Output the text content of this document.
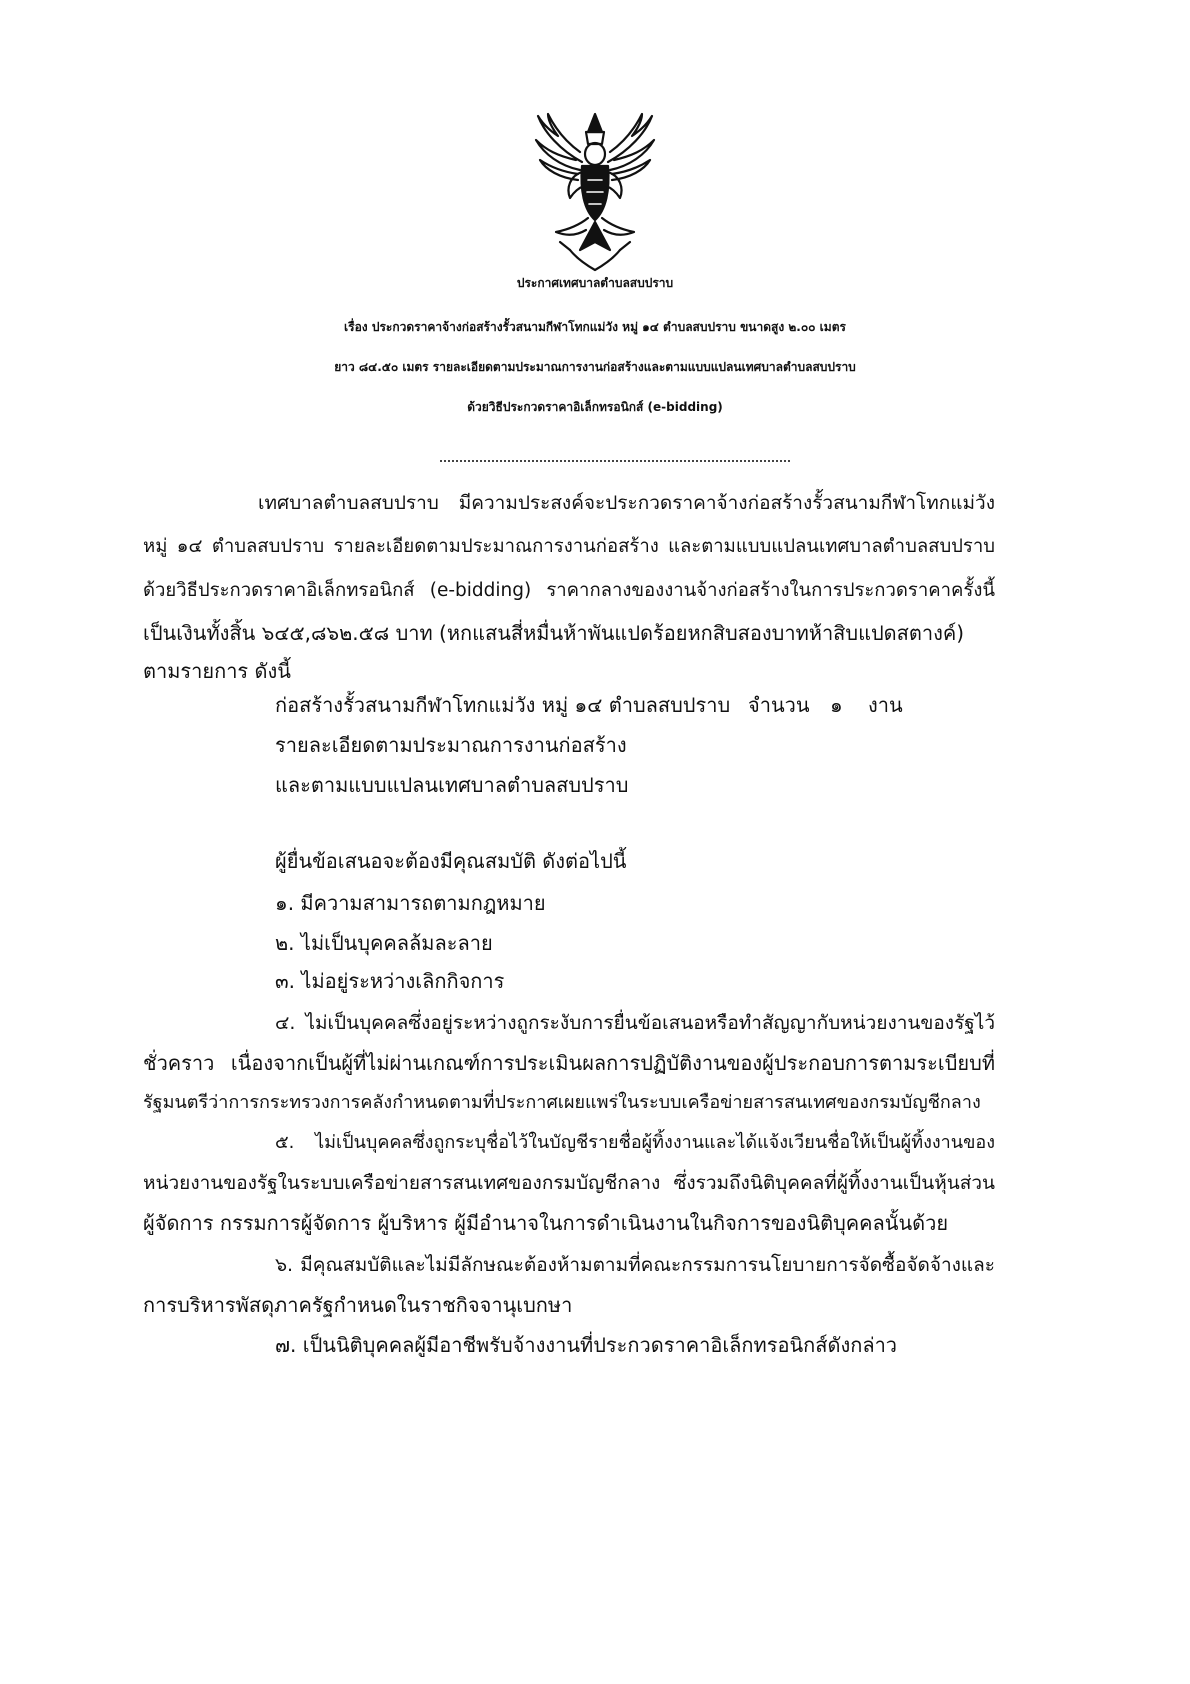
ประกาศเทศบาลตำบลสบปราบ
เรื่อง ประกวดราคาจ้างก่อสร้างรั้วสนามกีฬาโทกแม่วัง หมู่ ๑๔ ตำบลสบปราบ ขนาดสูง ๒.๐๐ เมตร
ยาว ๘๔.๕๐ เมตร รายละเอียดตามประมาณการงานก่อสร้างและตามแบบแปลนเทศบาลตำบลสบปราบ
ด้วยวิธีประกวดราคาอิเล็กทรอนิกส์ (e-bidding)
เทศบาลตำบลสบปราบ มีความประสงค์จะประกวดราคาจ้างก่อสร้างรั้วสนามกีฬาโทกแม่วัง
หมู่ ๑๔ ตำบลสบปราบ รายละเอียดตามประมาณการงานก่อสร้าง และตามแบบแปลนเทศบาลตำบลสบปราบ
ด้วยวิธีประกวดราคาอิเล็กทรอนิกส์ (e-bidding) ราคากลางของงานจ้างก่อสร้างในการประกวดราคาครั้งนี้
เป็นเงินทั้งสิ้น ๖๔๕,๘๖๒.๕๘ บาท (หกแสนสี่หมื่นห้าพันแปดร้อยหกสิบสองบาทห้าสิบแปดสตางค์)
ตามรายการ ดังนี้
ก่อสร้างรั้วสนามกีฬาโทกแม่วัง หมู่ ๑๔ ตำบลสบปราบ จำนวน ๑ งาน
รายละเอียดตามประมาณการงานก่อสร้าง
และตามแบบแปลนเทศบาลตำบลสบปราบ
ผู้ยื่นข้อเสนอจะต้องมีคุณสมบัติ ดังต่อไปนี้
๑. มีความสามารถตามกฎหมาย
๒. ไม่เป็นบุคคลล้มละลาย
๓. ไม่อยู่ระหว่างเลิกกิจการ
๔. ไม่เป็นบุคคลซึ่งอยู่ระหว่างถูกระงับการยื่นข้อเสนอหรือทำสัญญากับหน่วยงานของรัฐไว้
ชั่วคราว เนื่องจากเป็นผู้ที่ไม่ผ่านเกณฑ์การประเมินผลการปฏิบัติงานของผู้ประกอบการตามระเบียบที่
รัฐมนตรีว่าการกระทรวงการคลังกำหนดตามที่ประกาศเผยแพร่ในระบบเครือข่ายสารสนเทศของกรมบัญชีกลาง
๕. ไม่เป็นบุคคลซึ่งถูกระบุชื่อไว้ในบัญชีรายชื่อผู้ทิ้งงานและได้แจ้งเวียนชื่อให้เป็นผู้ทิ้งงานของ
หน่วยงานของรัฐในระบบเครือข่ายสารสนเทศของกรมบัญชีกลาง ซึ่งรวมถึงนิติบุคคลที่ผู้ทิ้งงานเป็นหุ้นส่วน
ผู้จัดการ กรรมการผู้จัดการ ผู้บริหาร ผู้มีอำนาจในการดำเนินงานในกิจการของนิติบุคคลนั้นด้วย
๖. มีคุณสมบัติและไม่มีลักษณะต้องห้ามตามที่คณะกรรมการนโยบายการจัดซื้อจัดจ้างและ
การบริหารพัสดุภาครัฐกำหนดในราชกิจจานุเบกษา
๗. เป็นนิติบุคคลผู้มีอาชีพรับจ้างงานที่ประกวดราคาอิเล็กทรอนิกส์ดังกล่าว
